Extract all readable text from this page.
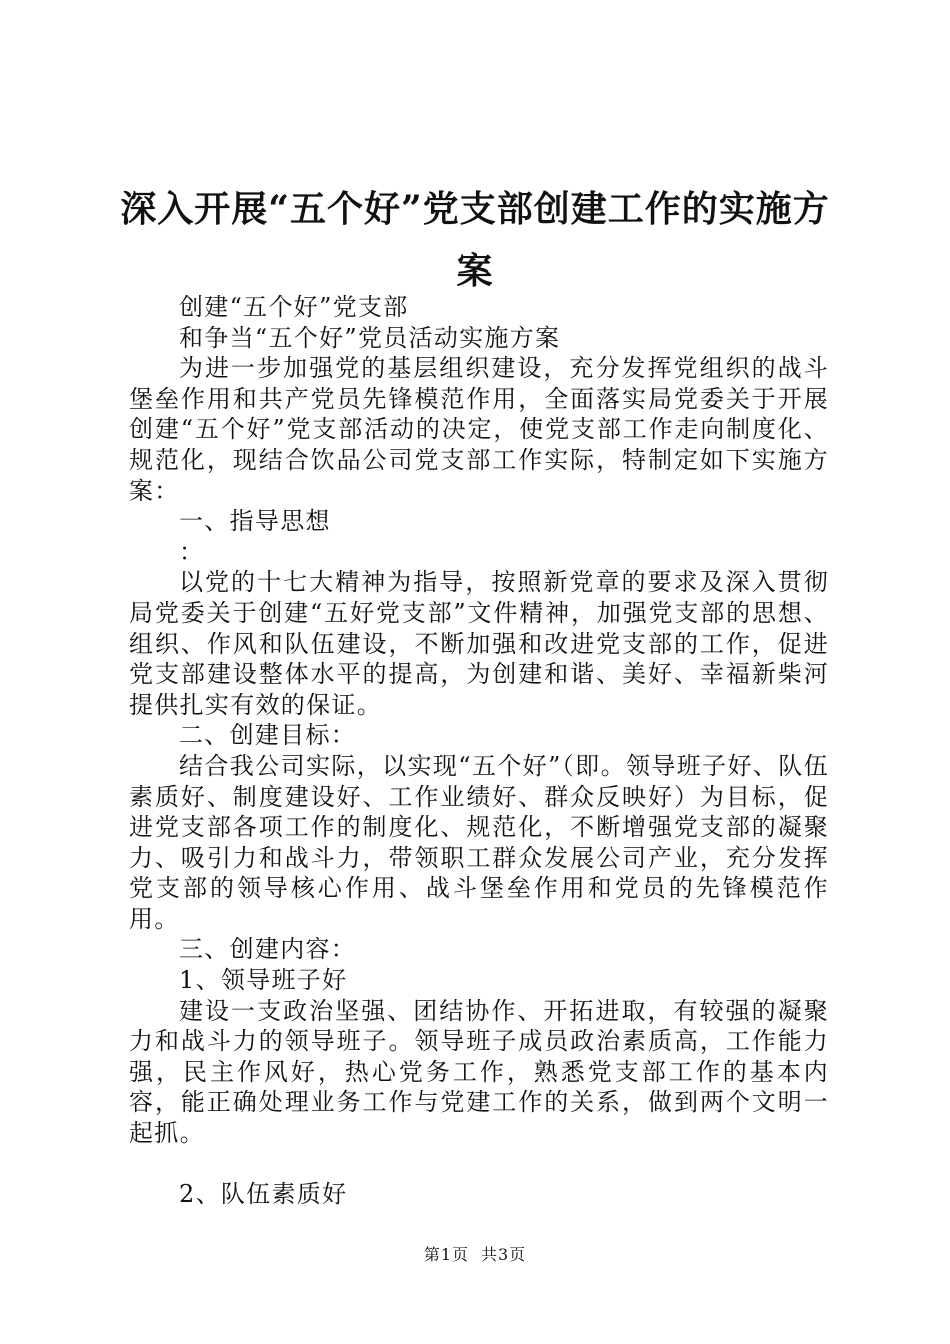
深入开展“五个好”党支部创建工作的实施方
案

创建“五个好”党支部

和争当“五个好”党员活动实施方案

为进一步加强党的基层组织建设，充分发挥党组织的战斗堡垒作用和共产党员先锋模范作用，全面落实局党委关于开展创建“五个好”党支部活动的决定，使党支部工作走向制度化、规范化，现结合饮品公司党支部工作实际，特制定如下实施方案：

一、指导思想

：

以党的十七大精神为指导，按照新党章的要求及深入贯彻局党委关于创建“五好党支部”文件精神，加强党支部的思想、组织、作风和队伍建设，不断加强和改进党支部的工作，促进党支部建设整体水平的提高，为创建和谐、美好、幸福新柴河提供扎实有效的保证。

二、创建目标：

结合我公司实际，以实现“五个好”（即。领导班子好、队伍素质好、制度建设好、工作业绩好、群众反映好）为目标，促进党支部各项工作的制度化、规范化，不断增强党支部的凝聚力、吸引力和战斗力，带领职工群众发展公司产业，充分发挥党支部的领导核心作用、战斗堡垒作用和党员的先锋模范作用。

三、创建内容：

1、领导班子好

建设一支政治坚强、团结协作、开拓进取，有较强的凝聚力和战斗力的领导班子。领导班子成员政治素质高，工作能力强，民主作风好，热心党务工作，熟悉党支部工作的基本内容，能正确处理业务工作与党建工作的关系，做到两个文明一起抓。

2、队伍素质好

第1页 共3页
